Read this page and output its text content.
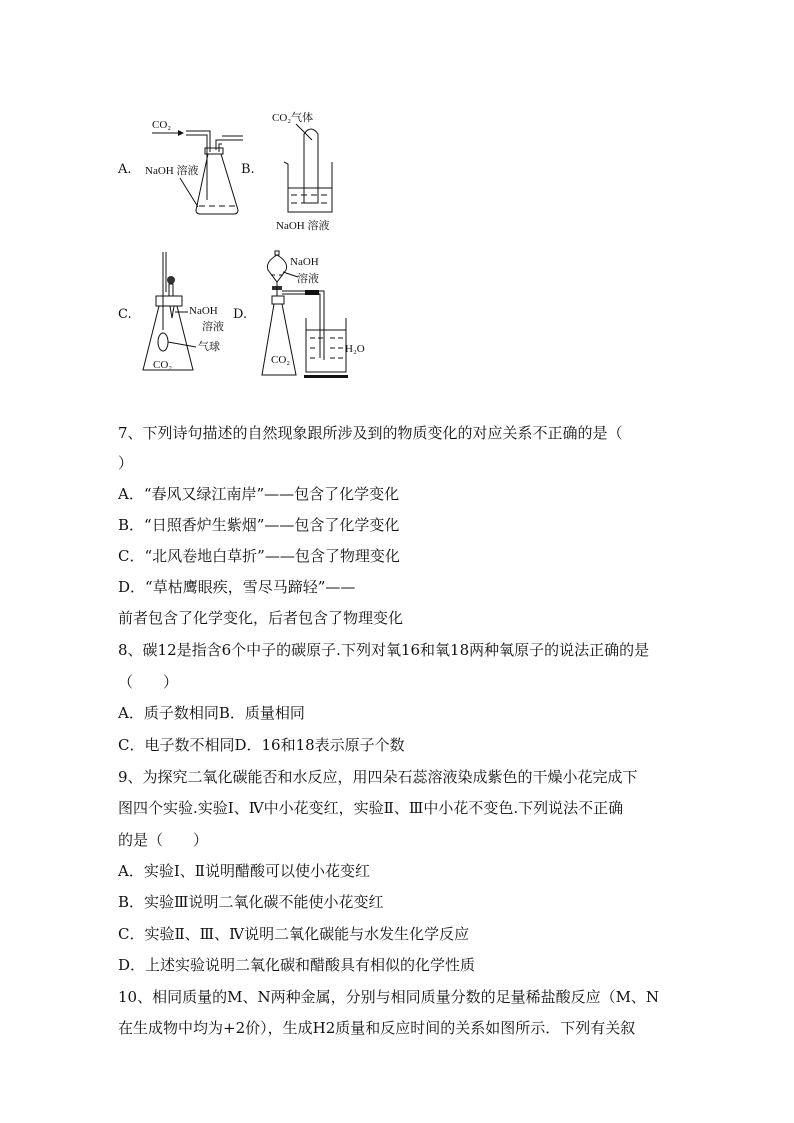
A.
CO₂
NaOH 溶液	B.
CO₂气体
NaOH 溶液
C.	NaOH
溶液
气球
CO₂
D.
NaOH
溶液
CO₂
H₂O
7、下列诗句描述的自然现象跟所涉及到的物质变化的对应关系不正确的是（
）
A．“春风又绿江南岸”——包含了化学变化
B．“日照香炉生紫烟”——包含了化学变化
C．“北风卷地白草折”——包含了物理变化
D．“草枯鹰眼疾，雪尽马蹄轻”——
前者包含了化学变化，后者包含了物理变化
8、碳12是指含6个中子的碳原子.下列对氧16和氧18两种氧原子的说法正确的是
（　　）
A．质子数相同B．质量相同
C．电子数不相同D．16和18表示原子个数
9、为探究二氧化碳能否和水反应，用四朵石蕊溶液染成紫色的干燥小花完成下
图四个实验.实验Ⅰ、Ⅳ中小花变红，实验Ⅱ、Ⅲ中小花不变色.下列说法不正确
的是（　　）
A．实验Ⅰ、Ⅱ说明醋酸可以使小花变红
B．实验Ⅲ说明二氧化碳不能使小花变红
C．实验Ⅱ、Ⅲ、Ⅳ说明二氧化碳能与水发生化学反应
D．上述实验说明二氧化碳和醋酸具有相似的化学性质
10、相同质量的M、N两种金属，分别与相同质量分数的足量稀盐酸反应（M、N
在生成物中均为+2价），生成H2质量和反应时间的关系如图所示．下列有关叙
